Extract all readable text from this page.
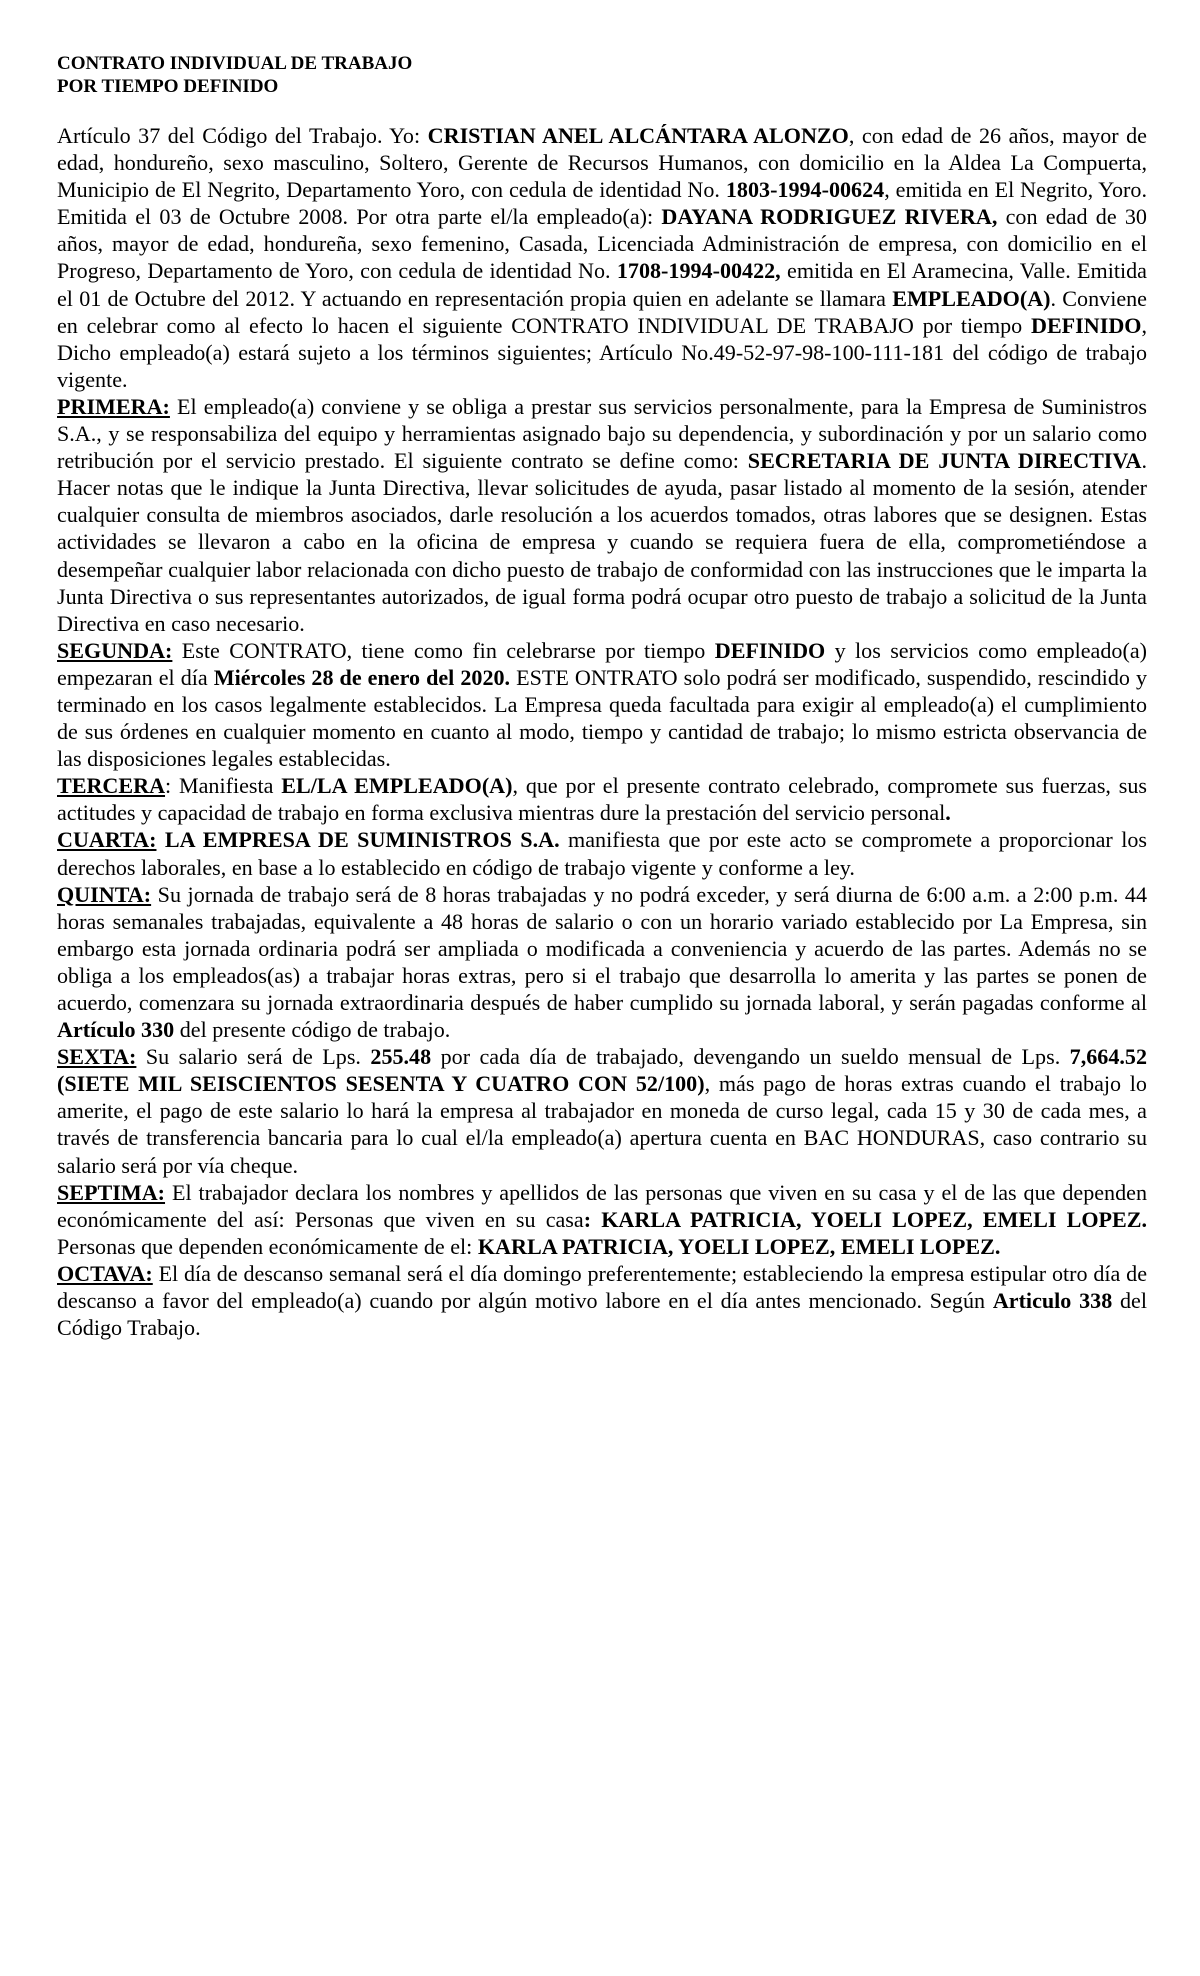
CONTRATO INDIVIDUAL DE TRABAJO
POR TIEMPO DEFINIDO

Artículo 37 del Código del Trabajo. Yo: CRISTIAN ANEL ALCÁNTARA ALONZO, con edad de 26 años, mayor de edad, hondureño, sexo masculino, Soltero, Gerente de Recursos Humanos, con domicilio en la Aldea La Compuerta, Municipio de El Negrito, Departamento Yoro, con cedula de identidad No. 1803-1994-00624, emitida en El Negrito, Yoro. Emitida el 03 de Octubre 2008. Por otra parte el/la empleado(a): DAYANA RODRIGUEZ RIVERA, con edad de 30 años, mayor de edad, hondureña, sexo femenino, Casada, Licenciada Administración de empresa, con domicilio en el Progreso, Departamento de Yoro, con cedula de identidad No. 1708-1994-00422, emitida en El Aramecina, Valle. Emitida el 01 de Octubre del 2012. Y actuando en representación propia quien en adelante se llamara EMPLEADO(A). Conviene en celebrar como al efecto lo hacen el siguiente CONTRATO INDIVIDUAL DE TRABAJO por tiempo DEFINIDO, Dicho empleado(a) estará sujeto a los términos siguientes; Artículo No.49-52-97-98-100-111-181 del código de trabajo vigente.

PRIMERA: El empleado(a) conviene y se obliga a prestar sus servicios personalmente, para la Empresa de Suministros S.A., y se responsabiliza del equipo y herramientas asignado bajo su dependencia, y subordinación y por un salario como retribución por el servicio prestado. El siguiente contrato se define como: SECRETARIA DE JUNTA DIRECTIVA. Hacer notas que le indique la Junta Directiva, llevar solicitudes de ayuda, pasar listado al momento de la sesión, atender cualquier consulta de miembros asociados, darle resolución a los acuerdos tomados, otras labores que se designen. Estas actividades se llevaron a cabo en la oficina de empresa y cuando se requiera fuera de ella, comprometiéndose a desempeñar cualquier labor relacionada con dicho puesto de trabajo de conformidad con las instrucciones que le imparta la Junta Directiva o sus representantes autorizados, de igual forma podrá ocupar otro puesto de trabajo a solicitud de la Junta Directiva en caso necesario.

SEGUNDA: Este CONTRATO, tiene como fin celebrarse por tiempo DEFINIDO y los servicios como empleado(a) empezaran el día Miércoles 28 de enero del 2020. ESTE ONTRATO solo podrá ser modificado, suspendido, rescindido y terminado en los casos legalmente establecidos. La Empresa queda facultada para exigir al empleado(a) el cumplimiento de sus órdenes en cualquier momento en cuanto al modo, tiempo y cantidad de trabajo; lo mismo estricta observancia de las disposiciones legales establecidas.

TERCERA: Manifiesta EL/LA EMPLEADO(A), que por el presente contrato celebrado, compromete sus fuerzas, sus actitudes y capacidad de trabajo en forma exclusiva mientras dure la prestación del servicio personal.

CUARTA: LA EMPRESA DE SUMINISTROS S.A. manifiesta que por este acto se compromete a proporcionar los derechos laborales, en base a lo establecido en código de trabajo vigente y conforme a ley.

QUINTA: Su jornada de trabajo será de 8 horas trabajadas y no podrá exceder, y será diurna de 6:00 a.m. a 2:00 p.m. 44 horas semanales trabajadas, equivalente a 48 horas de salario o con un horario variado establecido por La Empresa, sin embargo esta jornada ordinaria podrá ser ampliada o modificada a conveniencia y acuerdo de las partes. Además no se obliga a los empleados(as) a trabajar horas extras, pero si el trabajo que desarrolla lo amerita y las partes se ponen de acuerdo, comenzara su jornada extraordinaria después de haber cumplido su jornada laboral, y serán pagadas conforme al Artículo 330 del presente código de trabajo.

SEXTA: Su salario será de Lps. 255.48 por cada día de trabajado, devengando un sueldo mensual de Lps. 7,664.52 (SIETE MIL SEISCIENTOS SESENTA Y CUATRO CON 52/100), más pago de horas extras cuando el trabajo lo amerite, el pago de este salario lo hará la empresa al trabajador en moneda de curso legal, cada 15 y 30 de cada mes, a través de transferencia bancaria para lo cual el/la empleado(a) apertura cuenta en BAC HONDURAS, caso contrario su salario será por vía cheque.

SEPTIMA: El trabajador declara los nombres y apellidos de las personas que viven en su casa y el de las que dependen económicamente del así: Personas que viven en su casa: KARLA PATRICIA, YOELI LOPEZ, EMELI LOPEZ. Personas que dependen económicamente de el: KARLA PATRICIA, YOELI LOPEZ, EMELI LOPEZ.

OCTAVA: El día de descanso semanal será el día domingo preferentemente; estableciendo la empresa estipular otro día de descanso a favor del empleado(a) cuando por algún motivo labore en el día antes mencionado. Según Articulo 338 del Código Trabajo.
